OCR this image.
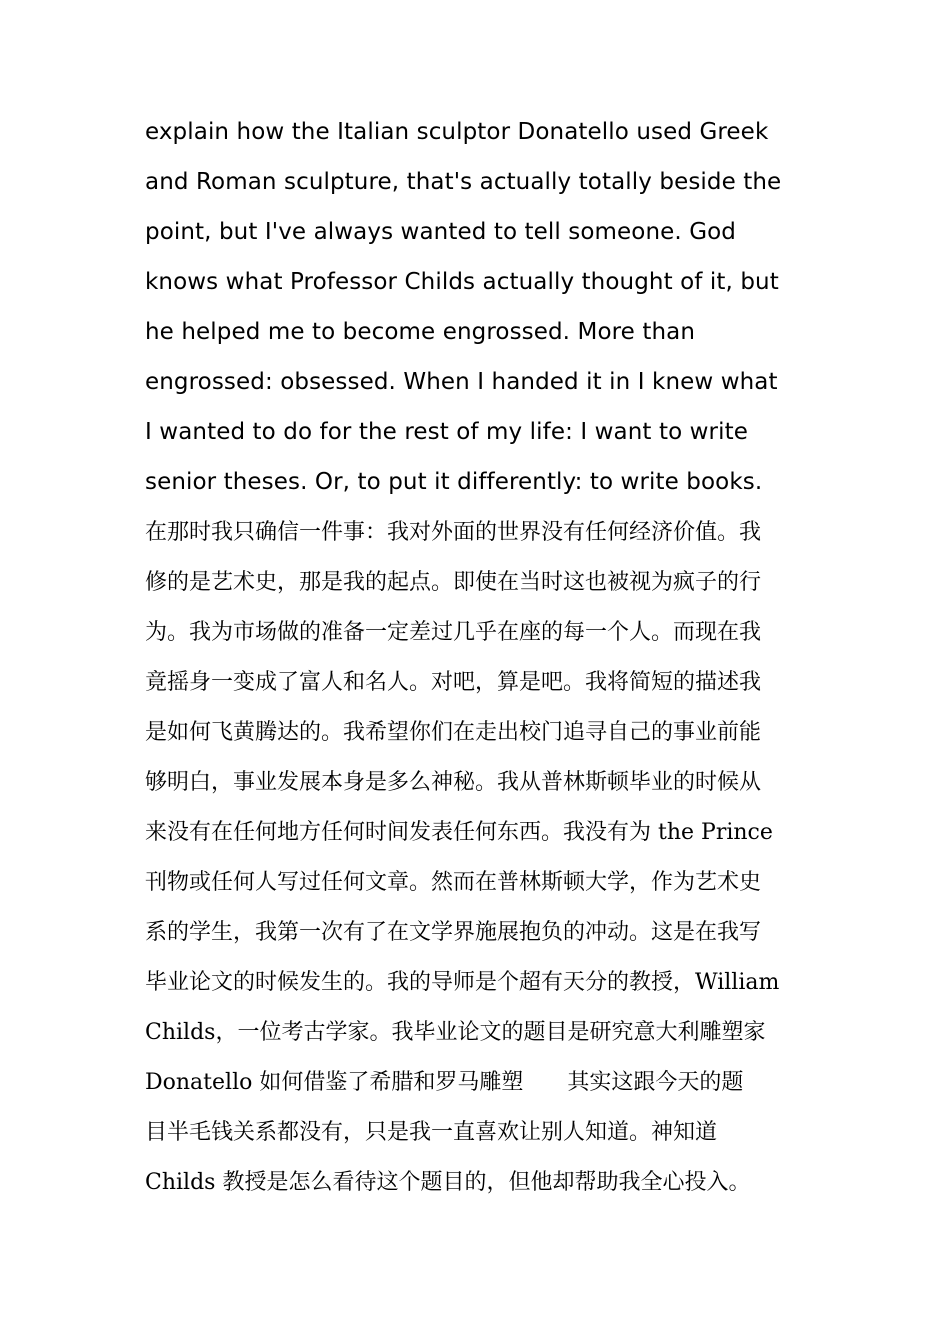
explain how the Italian sculptor Donatello used Greek
and Roman sculpture, that's actually totally beside the
point, but I've always wanted to tell someone. God
knows what Professor Childs actually thought of it, but
he helped me to become engrossed. More than
engrossed: obsessed. When I handed it in I knew what
I wanted to do for the rest of my life: I want to write
senior theses. Or, to put it differently: to write books.
在那时我只确信一件事：我对外面的世界没有任何经济价值。我
修的是艺术史，那是我的起点。即使在当时这也被视为疯子的行
为。我为市场做的准备一定差过几乎在座的每一个人。而现在我
竟摇身一变成了富人和名人。对吧，算是吧。我将简短的描述我
是如何飞黄腾达的。我希望你们在走出校门追寻自己的事业前能
够明白，事业发展本身是多么神秘。我从普林斯顿毕业的时候从
来没有在任何地方任何时间发表任何东西。我没有为 the Prince
刊物或任何人写过任何文章。然而在普林斯顿大学，作为艺术史
系的学生，我第一次有了在文学界施展抱负的冲动。这是在我写
毕业论文的时候发生的。我的导师是个超有天分的教授，William
Childs，一位考古学家。我毕业论文的题目是研究意大利雕塑家
Donatello 如何借鉴了希腊和罗马雕塑　　其实这跟今天的题
目半毛钱关系都没有，只是我一直喜欢让别人知道。神知道
Childs 教授是怎么看待这个题目的，但他却帮助我全心投入。
